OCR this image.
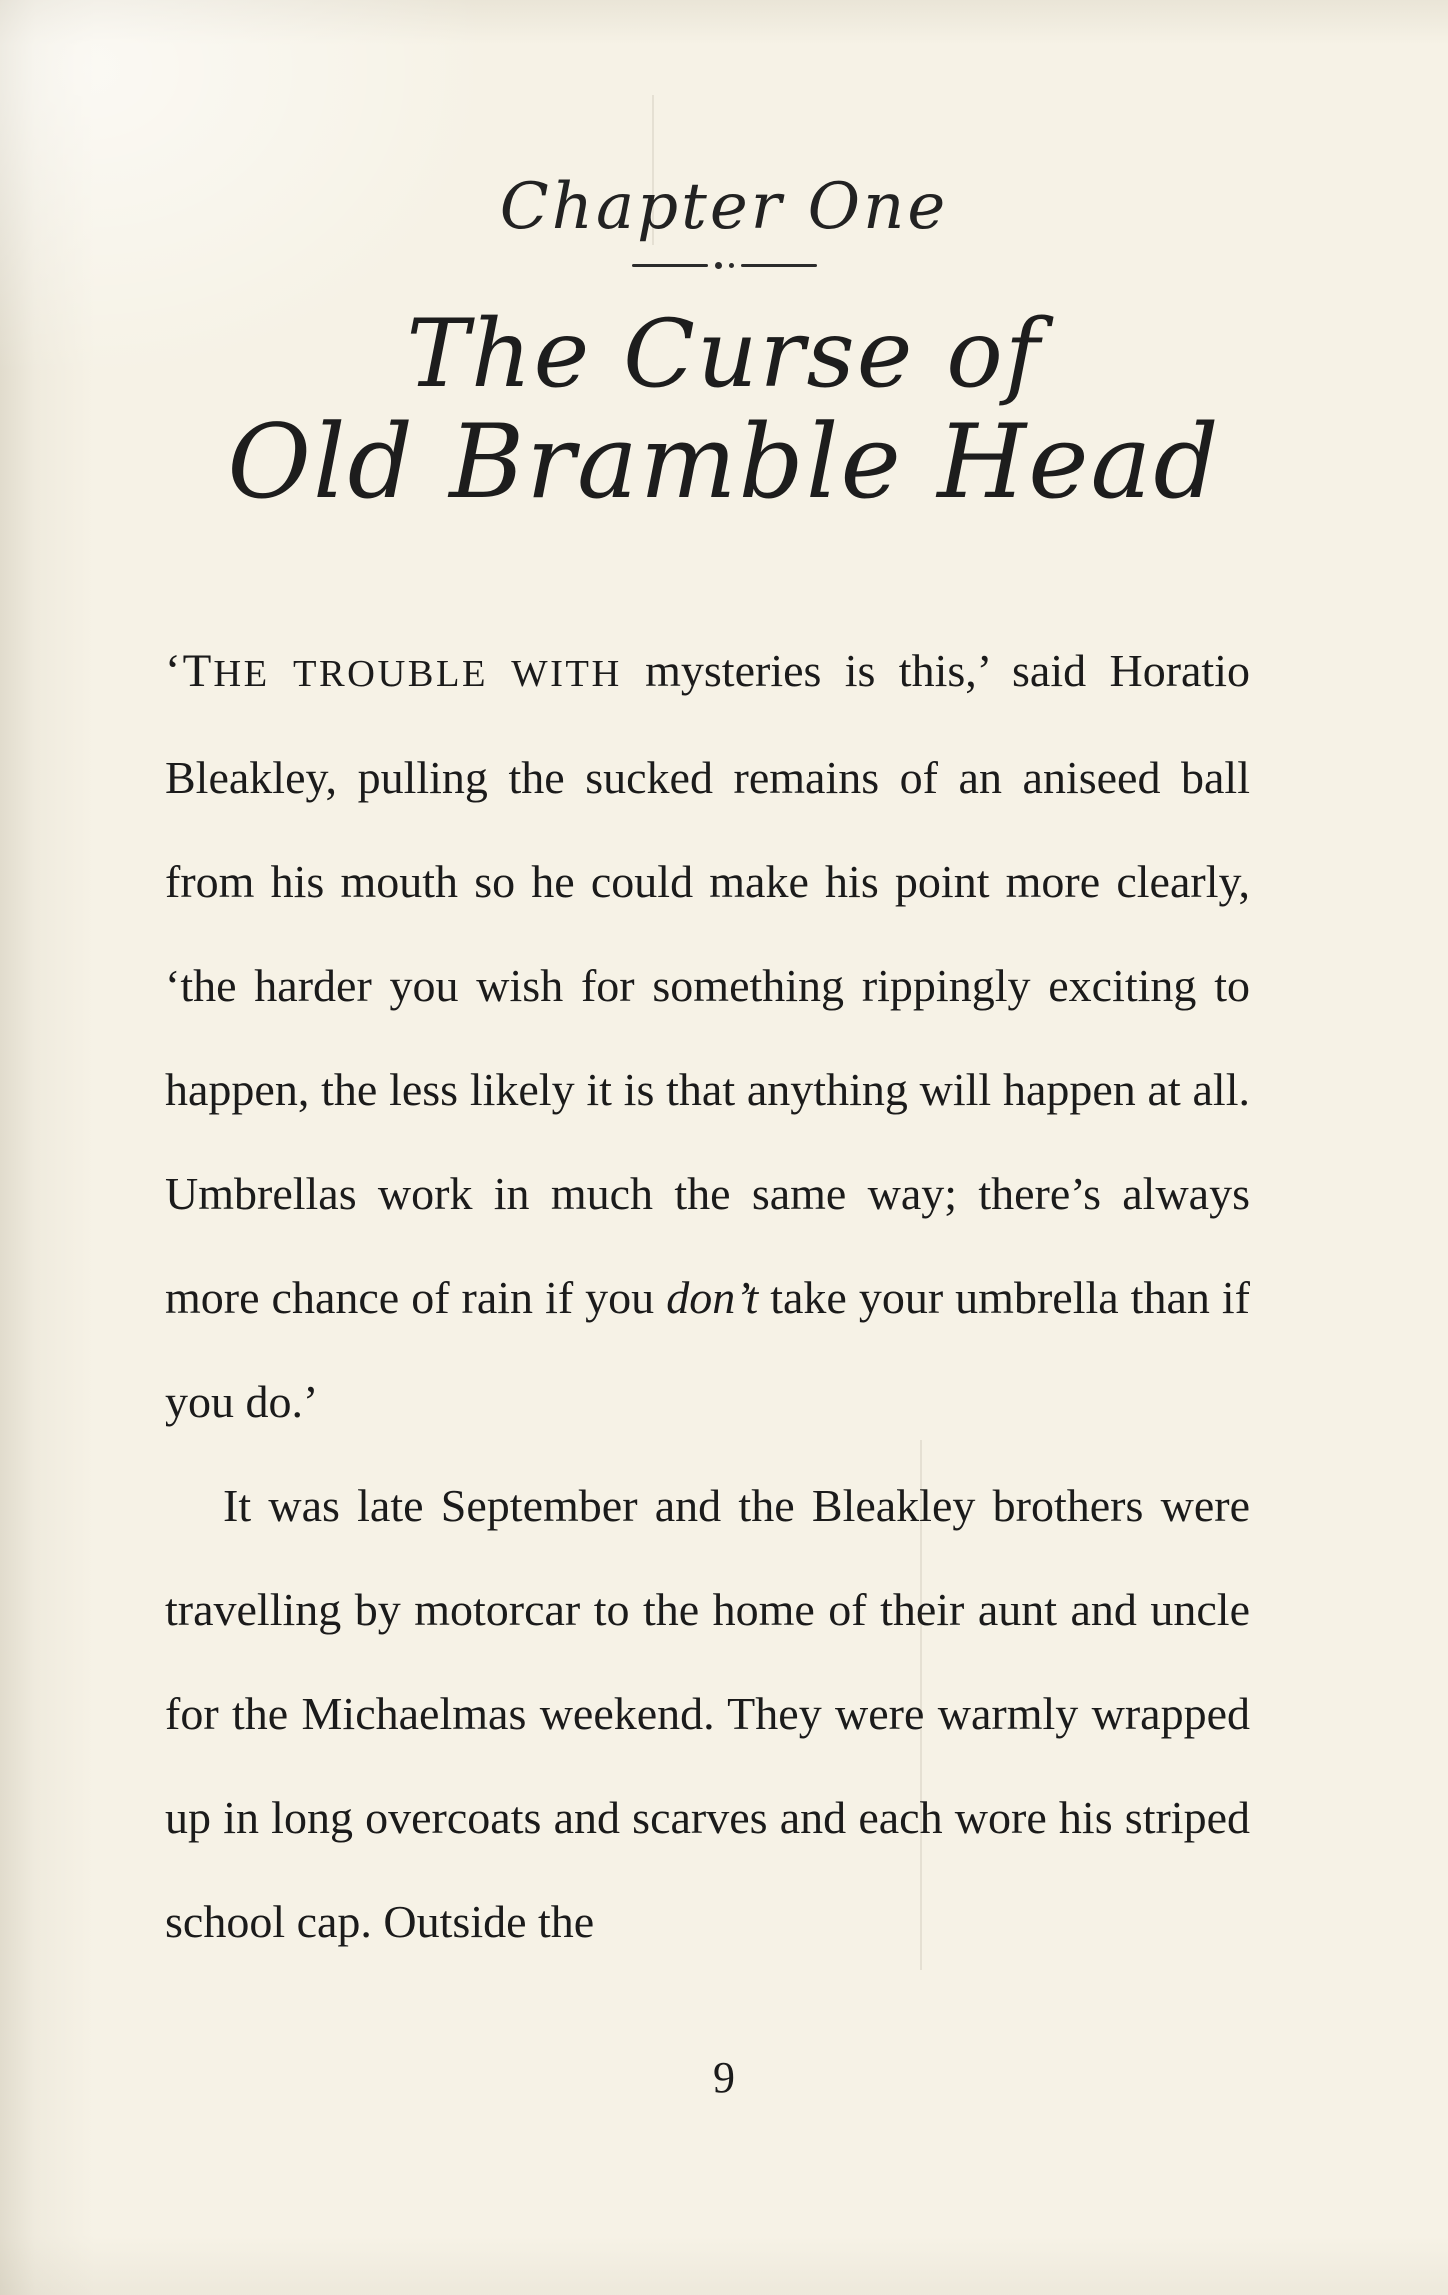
Chapter One
The Curse of
Old Bramble Head

‘THE TROUBLE WITH mysteries is this,’ said Horatio Bleakley, pulling the sucked remains of an aniseed ball from his mouth so he could make his point more clearly, ‘the harder you wish for something rippingly exciting to happen, the less likely it is that anything will happen at all. Umbrellas work in much the same way; there’s always more chance of rain if you don’t take your umbrella than if you do.’

It was late September and the Bleakley brothers were travelling by motorcar to the home of their aunt and uncle for the Michaelmas weekend. They were warmly wrapped up in long overcoats and scarves and each wore his striped school cap. Outside the

9
